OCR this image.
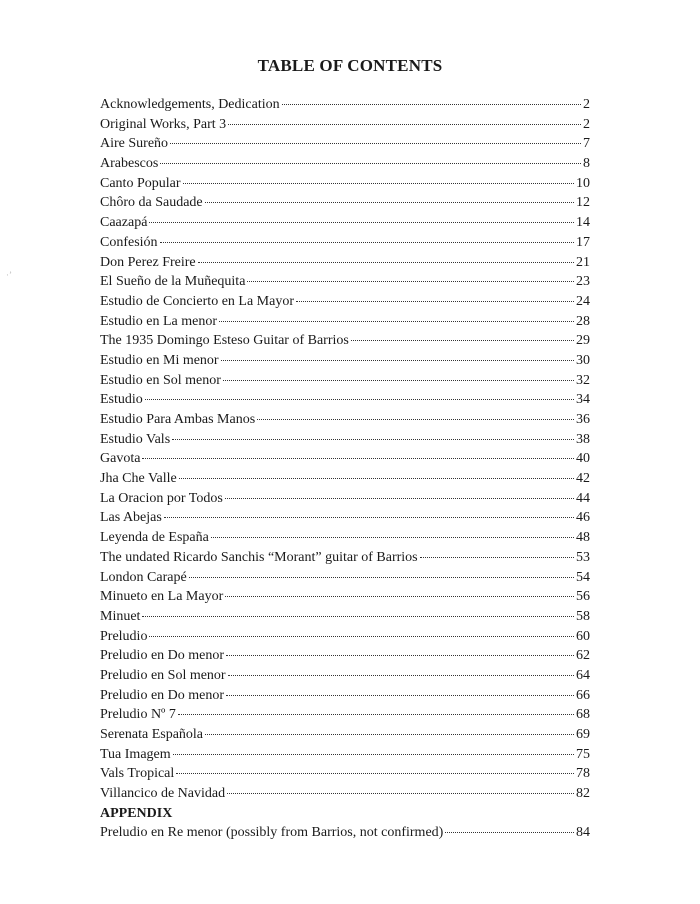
·ʼ
TABLE OF CONTENTS
Acknowledgements, Dedication	2
Original Works, Part 3	2
Aire Sureño	7
Arabescos	8
Canto Popular	10
Chôro da Saudade	12
Caazapá	14
Confesión	17
Don Perez Freire	21
El Sueño de la Muñequita	23
Estudio de Concierto en La Mayor	24
Estudio en La menor	28
The 1935 Domingo Esteso Guitar of Barrios	29
Estudio en Mi menor	30
Estudio en Sol menor	32
Estudio	34
Estudio Para Ambas Manos	36
Estudio Vals	38
Gavota	40
Jha Che Valle	42
La Oracion por Todos	44
Las Abejas	46
Leyenda de España	48
The undated Ricardo Sanchis “Morant” guitar of Barrios	53
London Carapé	54
Minueto en La Mayor	56
Minuet	58
Preludio	60
Preludio en Do menor	62
Preludio en Sol menor	64
Preludio en Do menor	66
Preludio Nº 7	68
Serenata Española	69
Tua Imagem	75
Vals Tropical	78
Villancico de Navidad	82
APPENDIX
Preludio en Re menor (possibly from Barrios, not confirmed)	84
